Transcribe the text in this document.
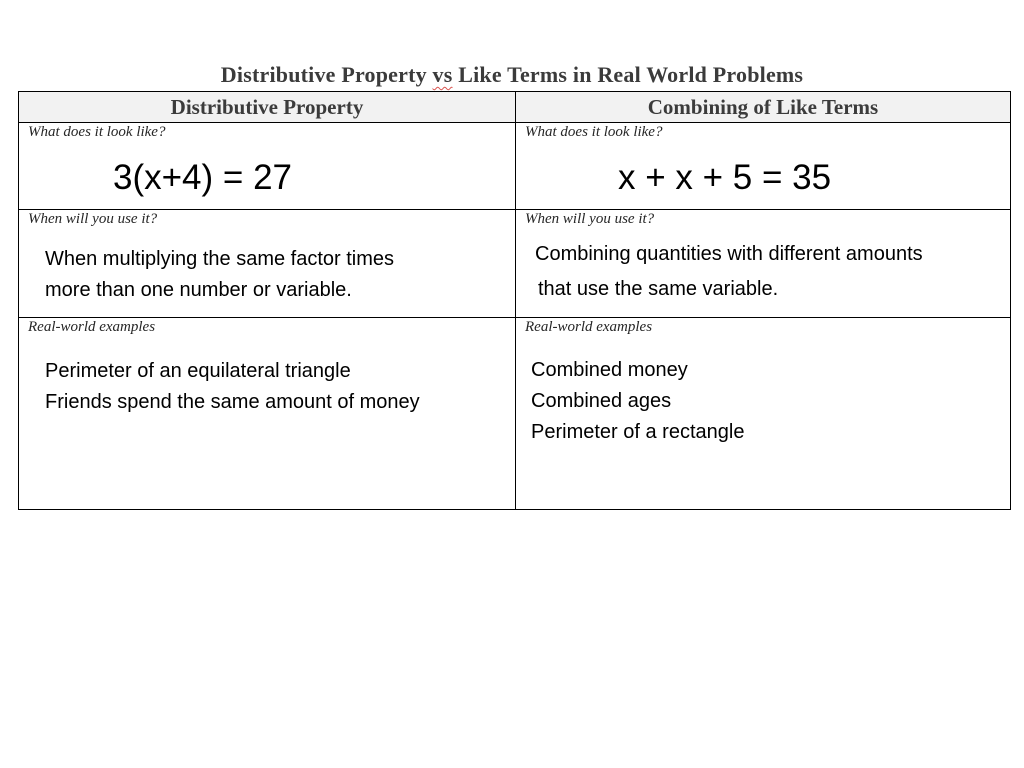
Distributive Property vs Like Terms in Real World Problems
Distributive Property	Combining of Like Terms
What does it look like?
3(x+4) = 27
What does it look like?
x + x + 5 = 35
When will you use it?
When multiplying the same factor times
more than one number or variable.
When will you use it?
Combining quantities with different amounts
that use the same variable.
Real-world examples
Perimeter of an equilateral triangle
Friends spend the same amount of money
Real-world examples
Combined money
Combined ages
Perimeter of a rectangle
